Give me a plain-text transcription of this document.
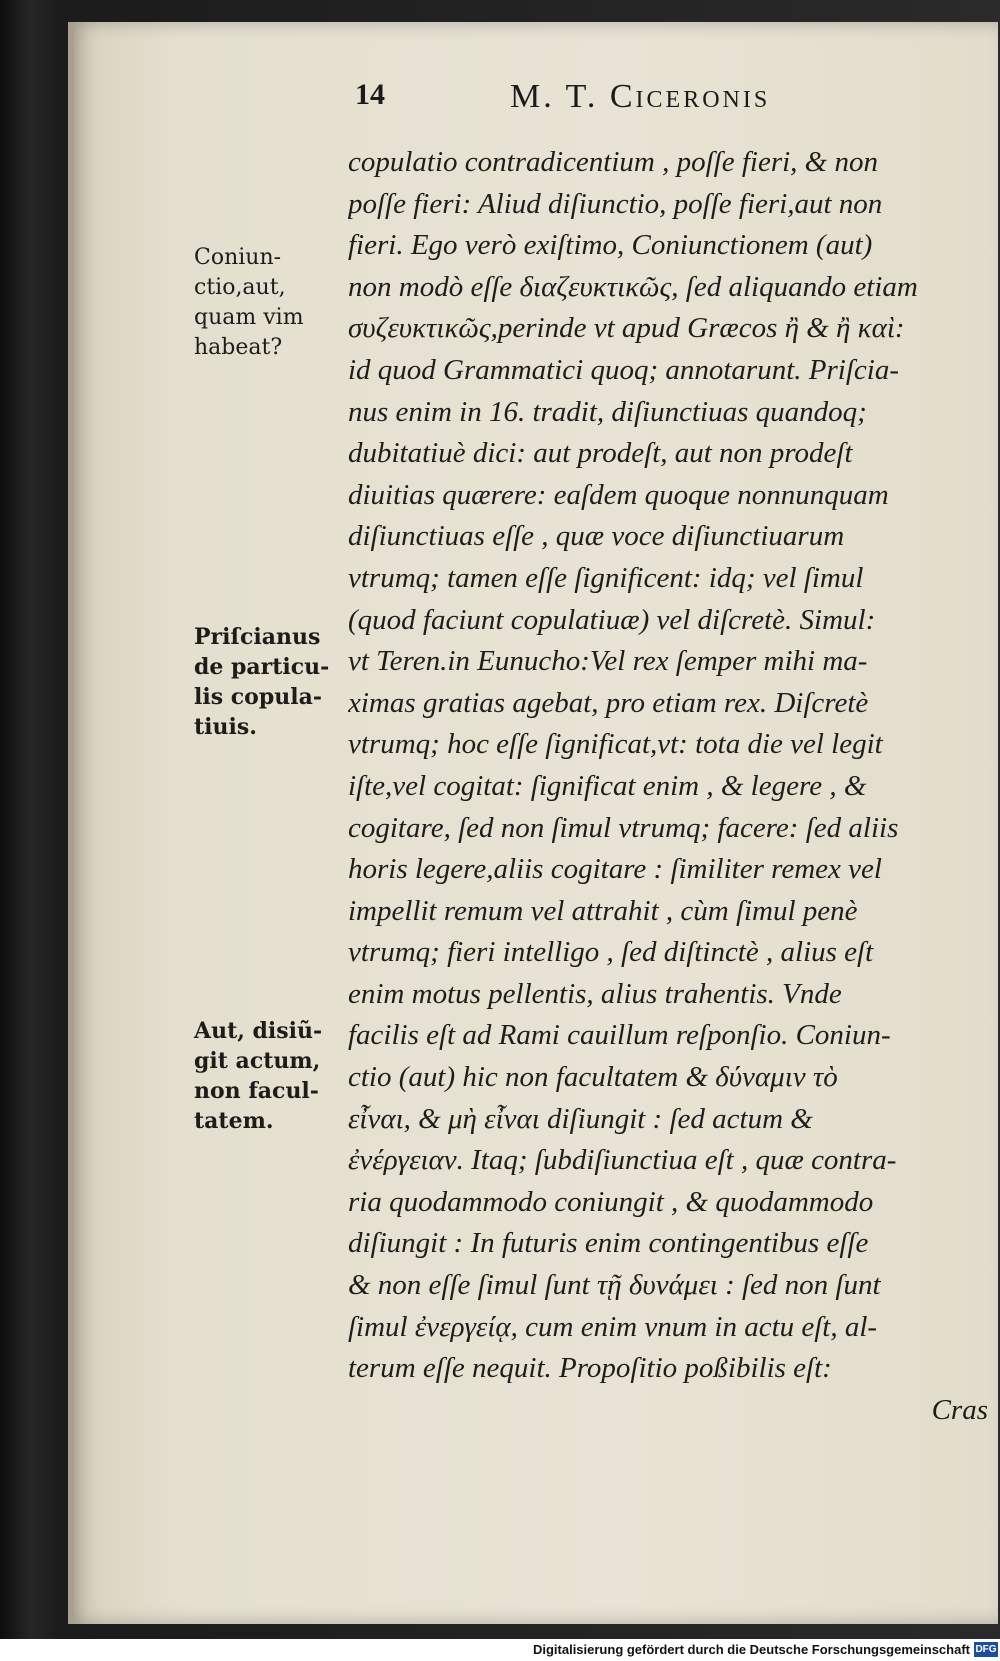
14	M. T. Ciceronis
Coniun-
ctio,aut,
quam vim
habeat?
Priſcianus
de particu-
lis copula-
tiuis.
Aut, disiũ-
git actum,
non facul-
tatem.
copulatio contradicentium , poſſe fieri, & non
poſſe fieri: Aliud diſiunctio, poſſe fieri,aut non
fieri. Ego verò exiſtimo, Coniunctionem (aut)
non modò eſſe διαζευκτικῶς, ſed aliquando etiam
συζευκτικῶς,perinde vt apud Græcos ἢ & ἢ καὶ:
id quod Grammatici quoq; annotarunt. Priſcia-
nus enim in 16. tradit, diſiunctiuas quandoq;
dubitatiuè dici: aut prodeſt, aut non prodeſt
diuitias quærere: eaſdem quoque nonnunquam
diſiunctiuas eſſe , quæ voce diſiunctiuarum
vtrumq; tamen eſſe ſignificent: idq; vel ſimul
(quod faciunt copulatiuæ) vel diſcretè. Simul:
vt Teren.in Eunucho:Vel rex ſemper mihi ma-
ximas gratias agebat, pro etiam rex. Diſcretè
vtrumq; hoc eſſe ſignificat,vt: tota die vel legit
iſte,vel cogitat: ſignificat enim , & legere , &
cogitare, ſed non ſimul vtrumq; facere: ſed aliis
horis legere,aliis cogitare : ſimiliter remex vel
impellit remum vel attrahit , cùm ſimul penè
vtrumq; fieri intelligo , ſed diſtinctè , alius eſt
enim motus pellentis, alius trahentis. Vnde
facilis eſt ad Rami cauillum reſponſio. Coniun-
ctio (aut) hic non facultatem & δύναμιν τὸ
εἶναι, & μὴ εἶναι diſiungit : ſed actum &
ἐνέργειαν. Itaq; ſubdiſiunctiua eſt , quæ contra-
ria quodammodo coniungit , & quodammodo
diſiungit : In futuris enim contingentibus eſſe
& non eſſe ſimul ſunt τῇ δυνάμει : ſed non ſunt
ſimul ἐνεργείᾳ, cum enim vnum in actu eſt, al-
terum eſſe nequit. Propoſitio poßibilis eſt:
Cras
Digitalisierung gefördert durch die Deutsche Forschungsgemeinschaft DFG
